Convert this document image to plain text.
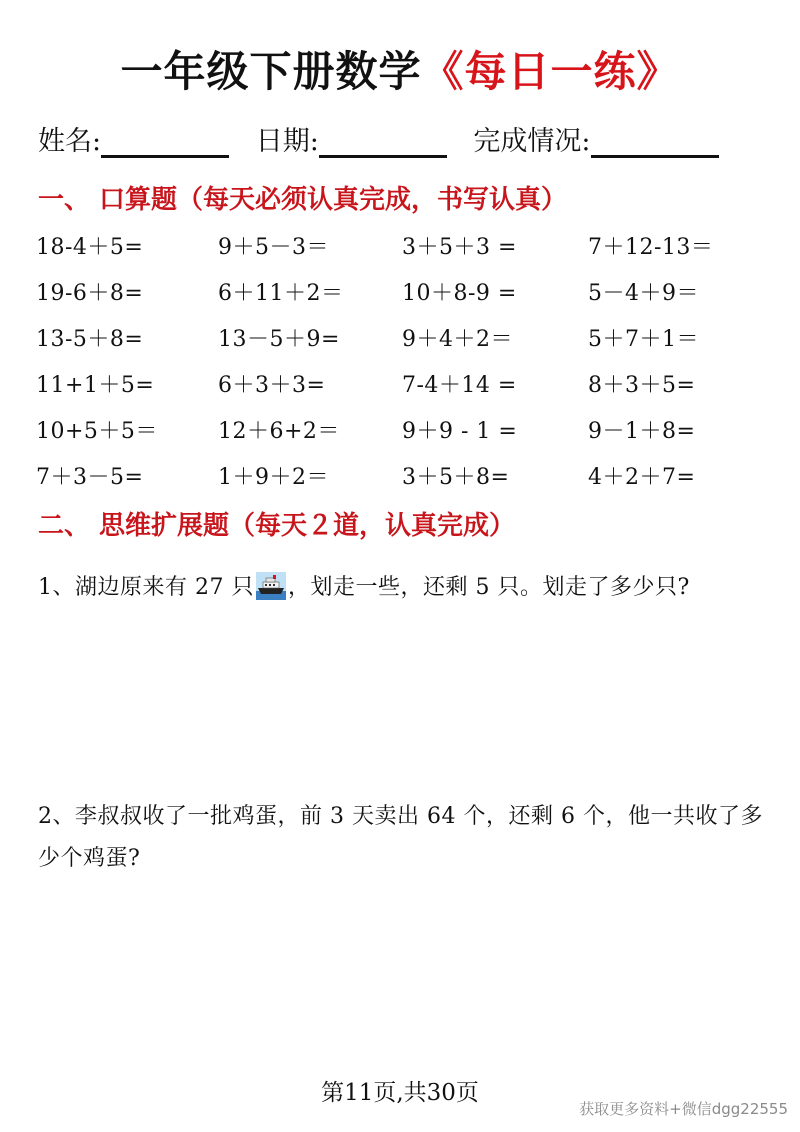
一年级下册数学《每日一练》
姓名:	日期:	完成情况:
一、 口算题（每天必须认真完成，书写认真）
18-4＋5=	9＋5－3＝	3＋5＋3 =	7＋12-13＝
19-6＋8=	6＋11＋2＝	10＋8-9 =	5－4＋9＝
13-5＋8=	13－5＋9=	9＋4＋2＝	5＋7＋1＝
11+1＋5=	6＋3＋3=	7-4＋14 =	8＋3＋5=
10+5＋5＝	12＋6+2＝	9＋9 - 1 =	9－1＋8=
7＋3－5=	1＋9＋2＝	3＋5＋8=	4＋2＋7=
二、 思维扩展题（每天２道，认真完成）
1、湖边原来有 27 只 ，划走一些，还剩 5 只。划走了多少只?
2、李叔叔收了一批鸡蛋，前 3 天卖出 64 个，还剩 6 个，他一共收了多少个鸡蛋?
第11页,共30页
获取更多资料+微信dgg22555
